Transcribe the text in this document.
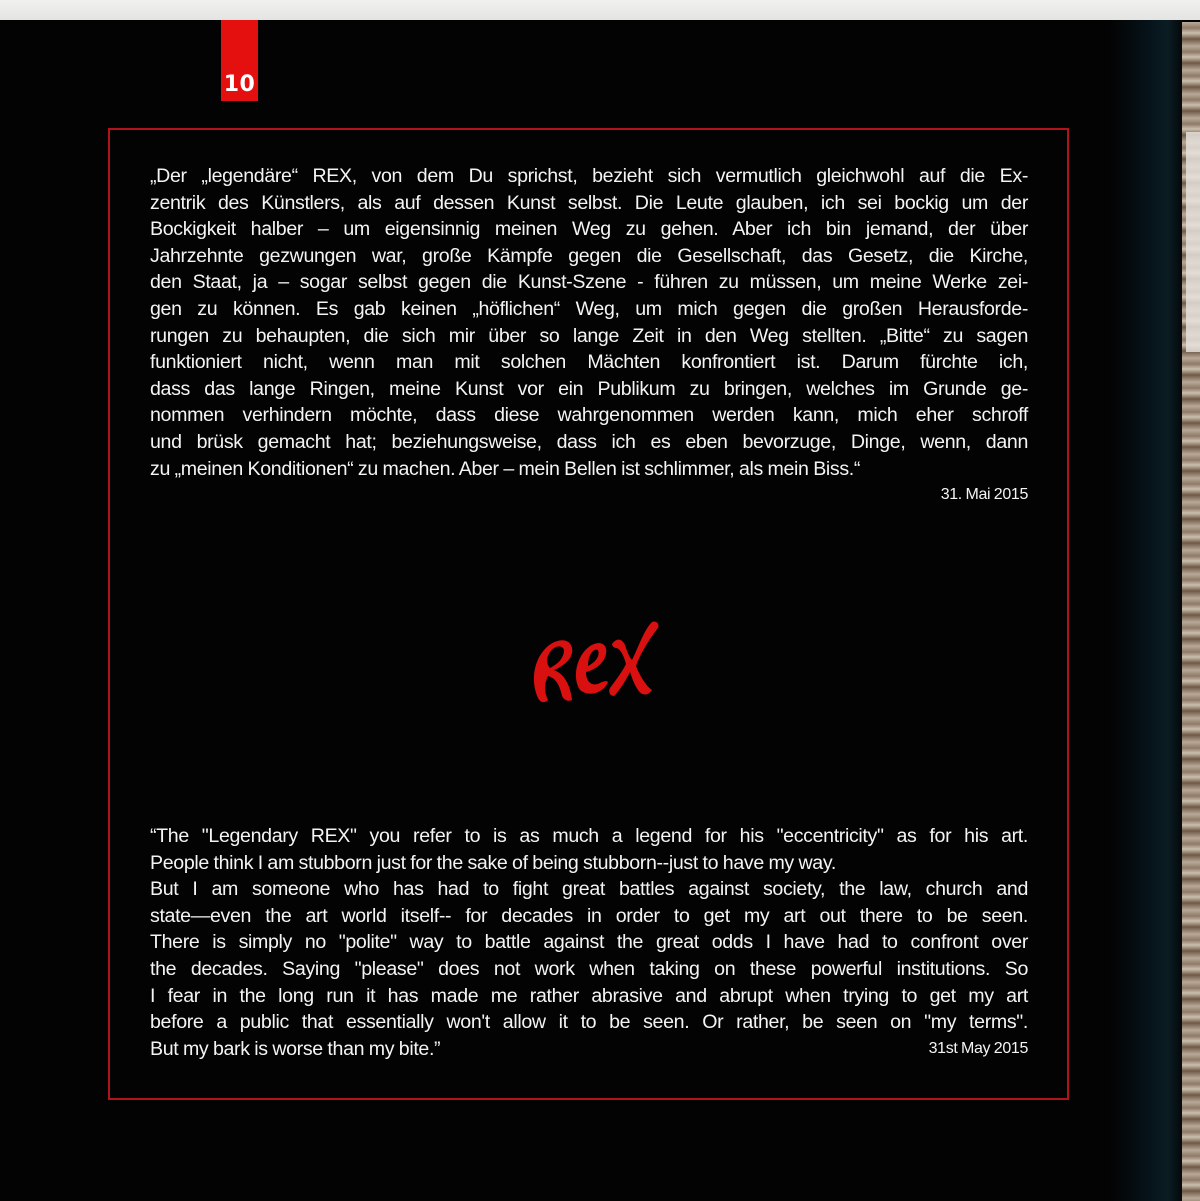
10
„Der „legendäre“ REX, von dem Du sprichst, bezieht sich vermutlich gleichwohl auf die Ex-
zentrik des Künstlers, als auf dessen Kunst selbst. Die Leute glauben, ich sei bockig um der
Bockigkeit halber – um eigensinnig meinen Weg zu gehen. Aber ich bin jemand, der über
Jahrzehnte gezwungen war, große Kämpfe gegen die Gesellschaft, das Gesetz, die Kirche,
den Staat, ja – sogar selbst gegen die Kunst-Szene - führen zu müssen, um meine Werke zei-
gen zu können. Es gab keinen „höflichen“ Weg, um mich gegen die großen Herausforde-
rungen zu behaupten, die sich mir über so lange Zeit in den Weg stellten. „Bitte“ zu sagen
funktioniert nicht, wenn man mit solchen Mächten konfrontiert ist. Darum fürchte ich,
dass das lange Ringen, meine Kunst vor ein Publikum zu bringen, welches im Grunde ge-
nommen verhindern möchte, dass diese wahrgenommen werden kann, mich eher schroff
und brüsk gemacht hat; beziehungsweise, dass ich es eben bevorzuge, Dinge, wenn, dann
zu „meinen Konditionen“ zu machen. Aber – mein Bellen ist schlimmer, als mein Biss.“
31. Mai 2015
“The "Legendary REX" you refer to is as much a legend for his "eccentricity" as for his art.
People think I am stubborn just for the sake of being stubborn--just to have my way.
But I am someone who has had to fight great battles against society, the law, church and
state—even the art world itself-- for decades in order to get my art out there to be seen.
There is simply no "polite" way to battle against the great odds I have had to confront over
the decades. Saying "please" does not work when taking on these powerful institutions. So
I fear in the long run it has made me rather abrasive and abrupt when trying to get my art
before a public that essentially won't allow it to be seen. Or rather, be seen on "my terms".
But my bark is worse than my bite.”	31st May 2015
